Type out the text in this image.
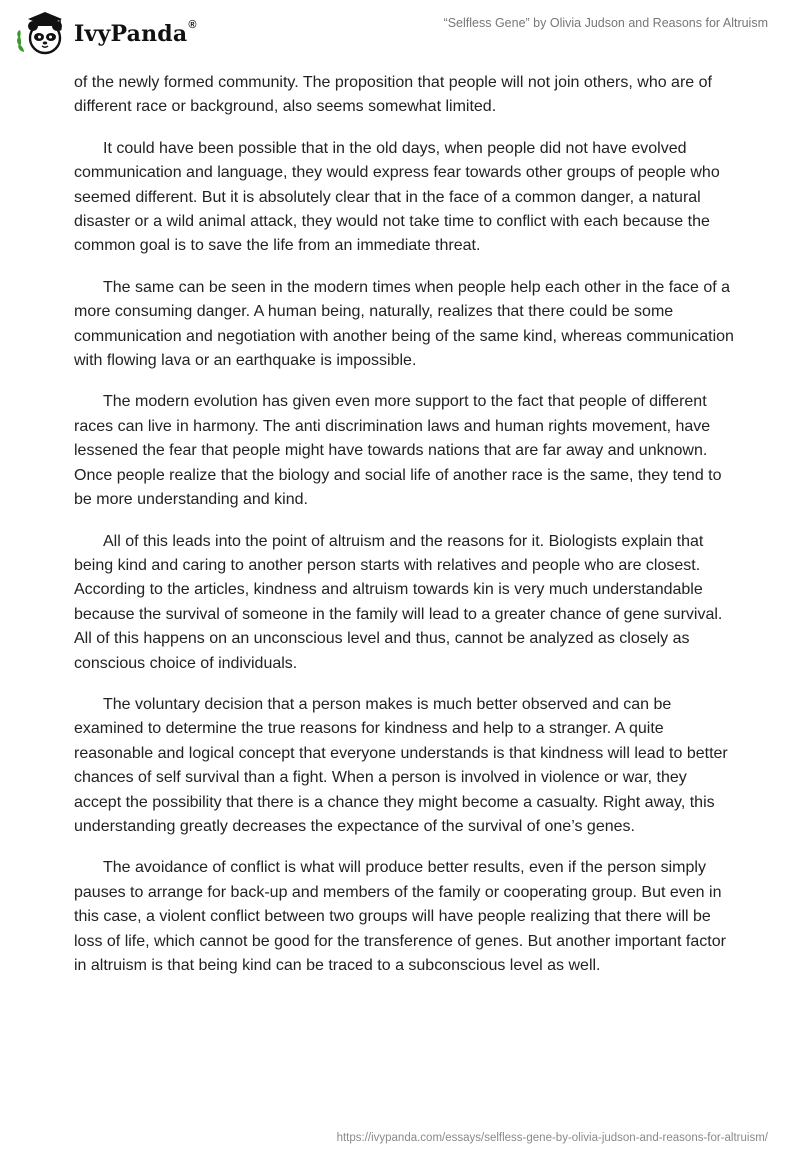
IvyPanda®	“Selfless Gene” by Olivia Judson and Reasons for Altruism

of the newly formed community. The proposition that people will not join others, who are of different race or background, also seems somewhat limited.

It could have been possible that in the old days, when people did not have evolved communication and language, they would express fear towards other groups of people who seemed different. But it is absolutely clear that in the face of a common danger, a natural disaster or a wild animal attack, they would not take time to conflict with each because the common goal is to save the life from an immediate threat.

The same can be seen in the modern times when people help each other in the face of a more consuming danger. A human being, naturally, realizes that there could be some communication and negotiation with another being of the same kind, whereas communication with flowing lava or an earthquake is impossible.

The modern evolution has given even more support to the fact that people of different races can live in harmony. The anti discrimination laws and human rights movement, have lessened the fear that people might have towards nations that are far away and unknown. Once people realize that the biology and social life of another race is the same, they tend to be more understanding and kind.

All of this leads into the point of altruism and the reasons for it. Biologists explain that being kind and caring to another person starts with relatives and people who are closest. According to the articles, kindness and altruism towards kin is very much understandable because the survival of someone in the family will lead to a greater chance of gene survival. All of this happens on an unconscious level and thus, cannot be analyzed as closely as conscious choice of individuals.

The voluntary decision that a person makes is much better observed and can be examined to determine the true reasons for kindness and help to a stranger. A quite reasonable and logical concept that everyone understands is that kindness will lead to better chances of self survival than a fight. When a person is involved in violence or war, they accept the possibility that there is a chance they might become a casualty. Right away, this understanding greatly decreases the expectance of the survival of one’s genes.

The avoidance of conflict is what will produce better results, even if the person simply pauses to arrange for back-up and members of the family or cooperating group. But even in this case, a violent conflict between two groups will have people realizing that there will be loss of life, which cannot be good for the transference of genes. But another important factor in altruism is that being kind can be traced to a subconscious level as well.

https://ivypanda.com/essays/selfless-gene-by-olivia-judson-and-reasons-for-altruism/
